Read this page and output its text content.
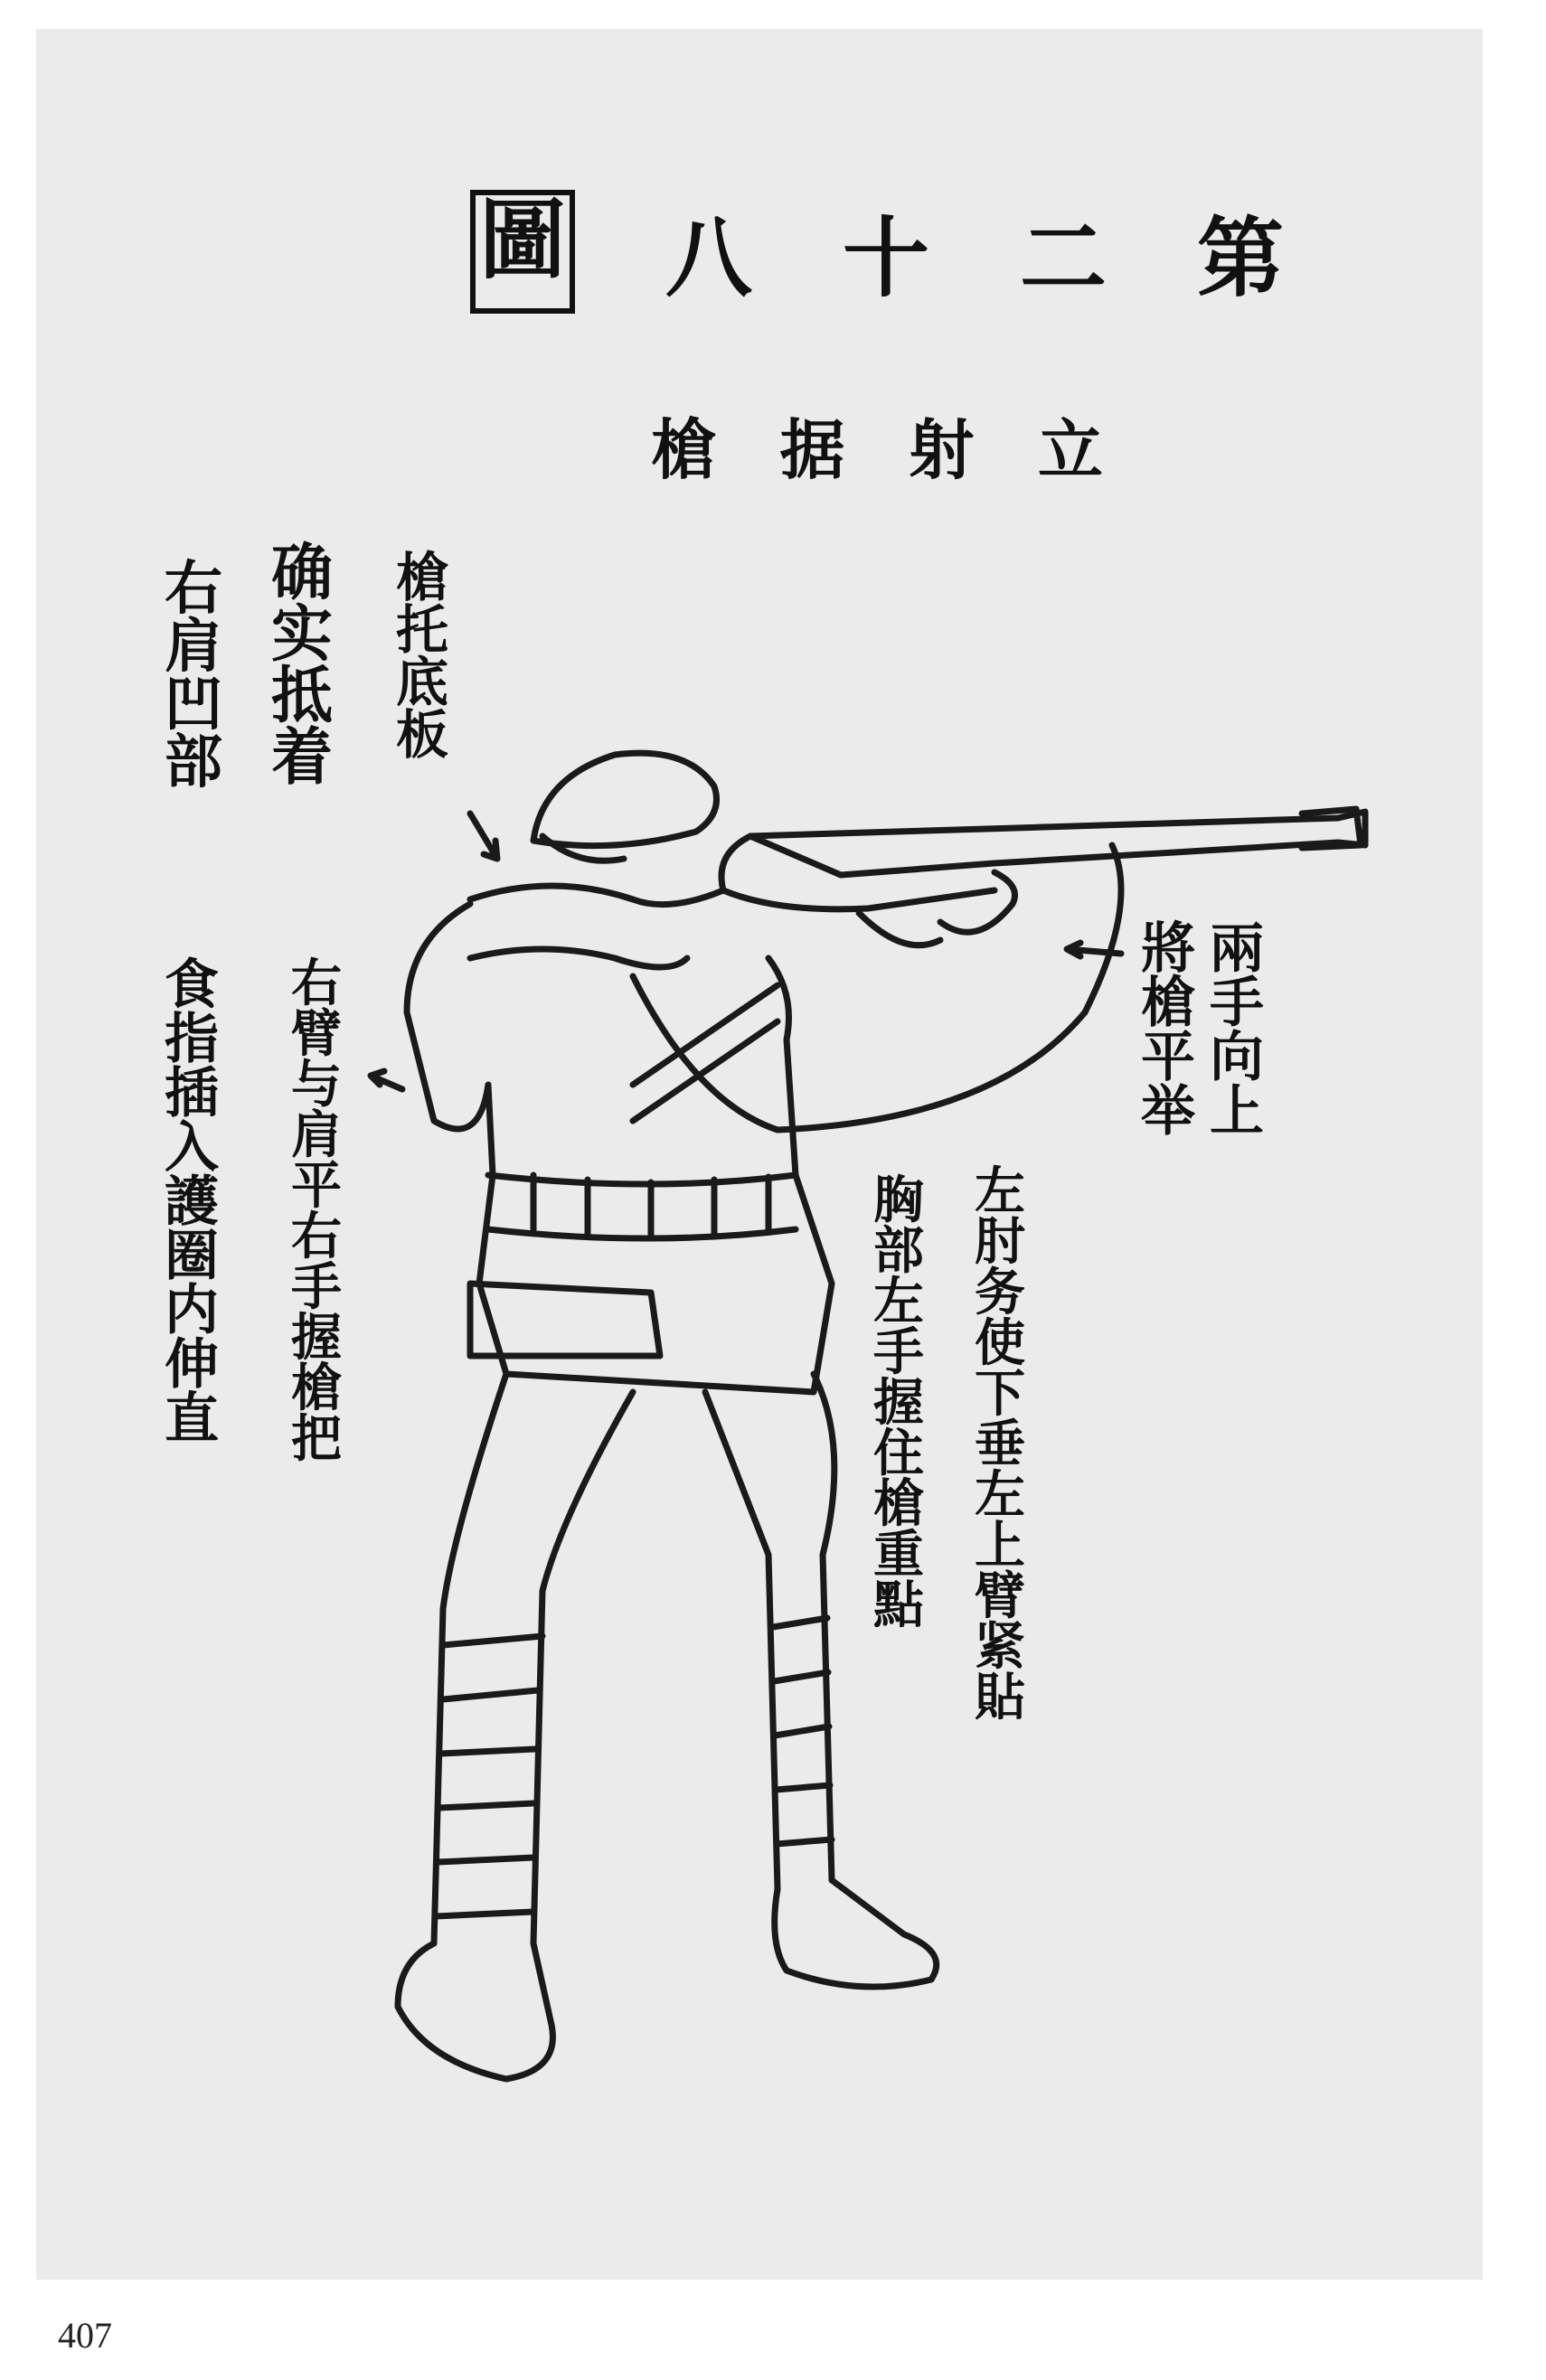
第
二
十
八
圖
立
射
据
槍
右
肩
凹
部
槍
托
底
板
确
实
抵
着
食
指
插
入
護
圈
内
伸
直
右
臂
与
肩
平
右
手
握
槍
把
兩
手
向
上
將
槍
平
举
胸
部
左
手
握
住
槍
重
點
左
肘
务
使
下
垂
左
上
臂
紧
貼
407
